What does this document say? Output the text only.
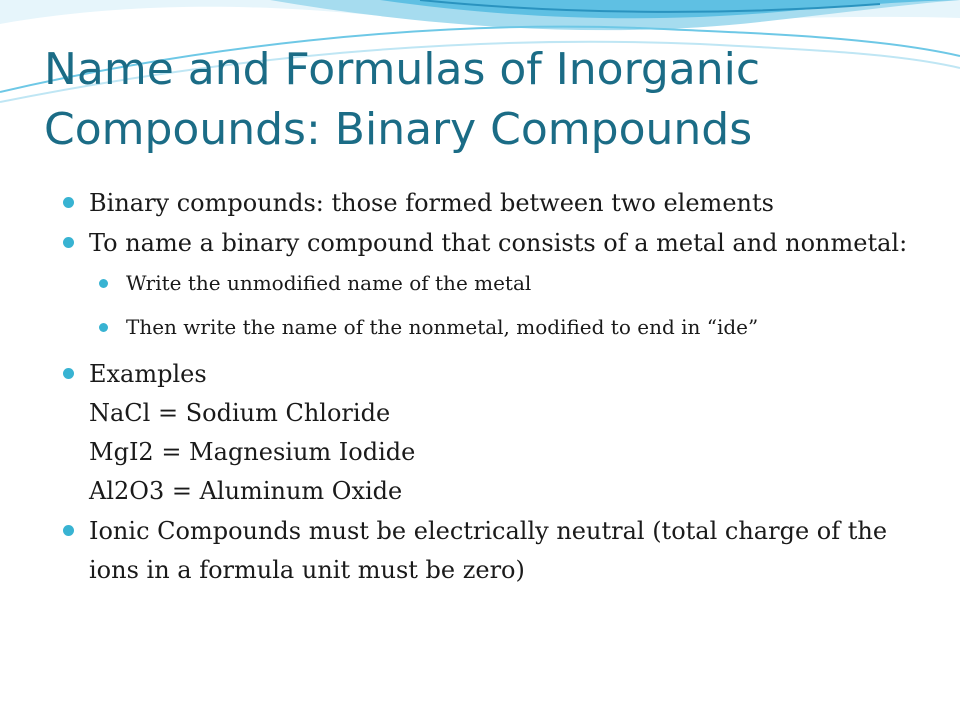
Name and Formulas of Inorganic Compounds: Binary Compounds
Binary compounds: those formed between two elements
To name a binary compound that consists of a metal and nonmetal:
Write the unmodified name of the metal
Then write the name of the nonmetal, modified to end in “ide”
Examples
NaCl = Sodium Chloride
MgI2 = Magnesium Iodide
Al2O3 = Aluminum Oxide
Ionic Compounds must be electrically neutral (total charge of the ions in a formula unit must be zero)
